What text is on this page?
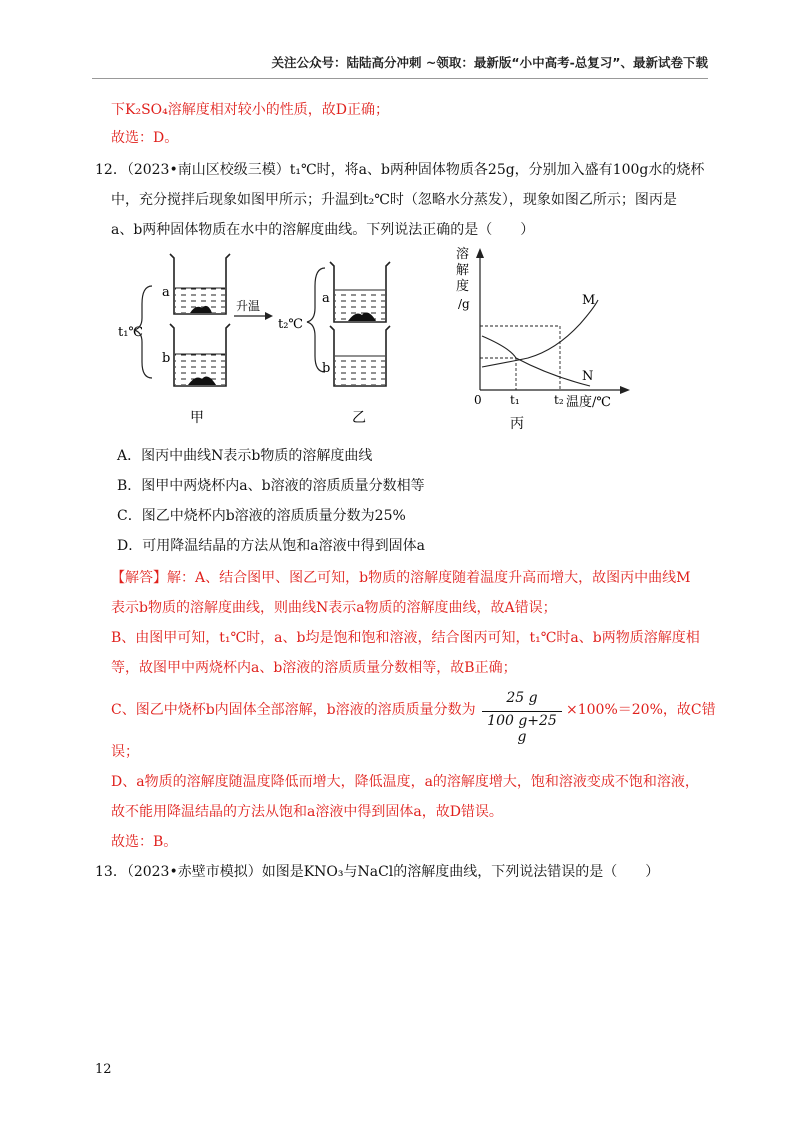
关注公众号：陆陆高分冲刺 ~领取：最新版“小中高考-总复习”、最新试卷下载
下K₂SO₄溶解度相对较小的性质，故D正确；
故选：D。
12．（2023•南山区校级三模）t₁℃时，将a、b两种固体物质各25g，分别加入盛有100g水的烧杯
中，充分搅拌后现象如图甲所示；升温到t₂℃时（忽略水分蒸发），现象如图乙所示；图丙是
a、b两种固体物质在水中的溶解度曲线。下列说法正确的是（　　）
t₁℃
a
b
甲
升温
t₂℃
a
b
乙
溶
解
度
/g	M
N
0 t₁	t₂ 温度/℃
丙
A．图丙中曲线N表示b物质的溶解度曲线
B．图甲中两烧杯内a、b溶液的溶质质量分数相等
C．图乙中烧杯内b溶液的溶质质量分数为25%
D．可用降温结晶的方法从饱和a溶液中得到固体a
【解答】解：A、结合图甲、图乙可知，b物质的溶解度随着温度升高而增大，故图丙中曲线M
表示b物质的溶解度曲线，则曲线N表示a物质的溶解度曲线，故A错误；
B、由图甲可知，t₁℃时，a、b均是饱和饱和溶液，结合图丙可知，t₁℃时a、b两物质溶解度相
等，故图甲中两烧杯内a、b溶液的溶质质量分数相等，故B正确；
C、图乙中烧杯b内固体全部溶解，b溶液的溶质质量分数为
25 g
100 g+25 g
×100%＝20%，故C错
误；
D、a物质的溶解度随温度降低而增大，降低温度，a的溶解度增大，饱和溶液变成不饱和溶液，
故不能用降温结晶的方法从饱和a溶液中得到固体a，故D错误。
故选：B。
13．（2023•赤壁市模拟）如图是KNO₃与NaCl的溶解度曲线，下列说法错误的是（　　）
12
